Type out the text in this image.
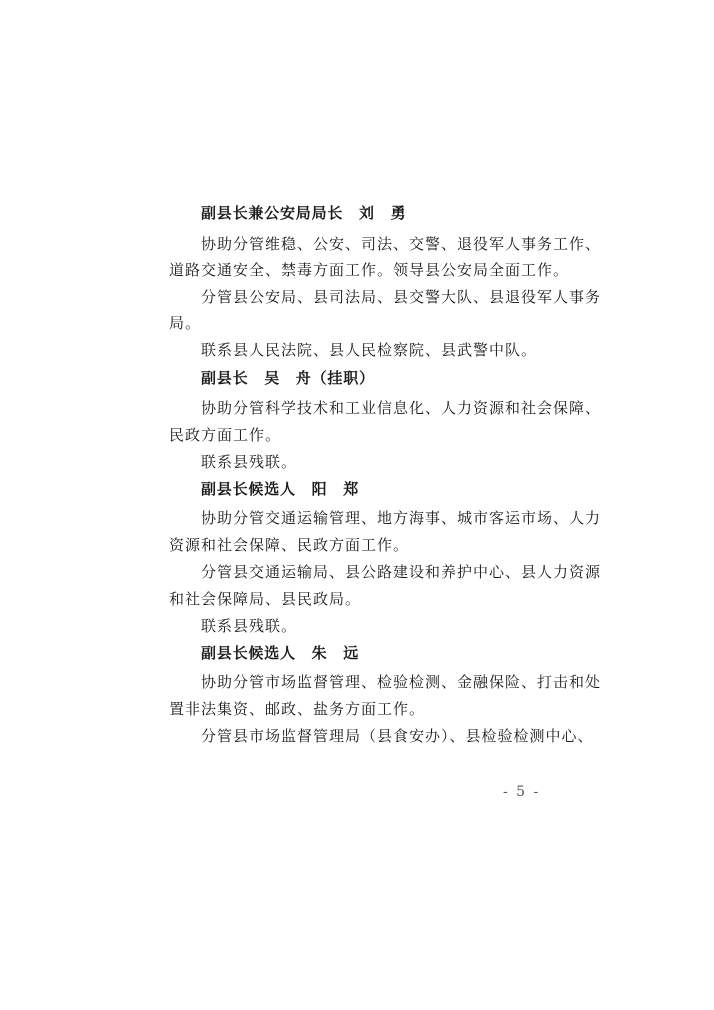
副县长兼公安局局长　刘　勇
协助分管维稳、公安、司法、交警、退役军人事务工作、
道路交通安全、禁毒方面工作。领导县公安局全面工作。
分管县公安局、县司法局、县交警大队、县退役军人事务
局。
联系县人民法院、县人民检察院、县武警中队。
副县长　吴　舟（挂职）
协助分管科学技术和工业信息化、人力资源和社会保障、
民政方面工作。
联系县残联。
副县长候选人　阳　郑
协助分管交通运输管理、地方海事、城市客运市场、人力
资源和社会保障、民政方面工作。
分管县交通运输局、县公路建设和养护中心、县人力资源
和社会保障局、县民政局。
联系县残联。
副县长候选人　朱　远
协助分管市场监督管理、检验检测、金融保险、打击和处
置非法集资、邮政、盐务方面工作。
分管县市场监督管理局（县食安办）、县检验检测中心、
- 5 -
